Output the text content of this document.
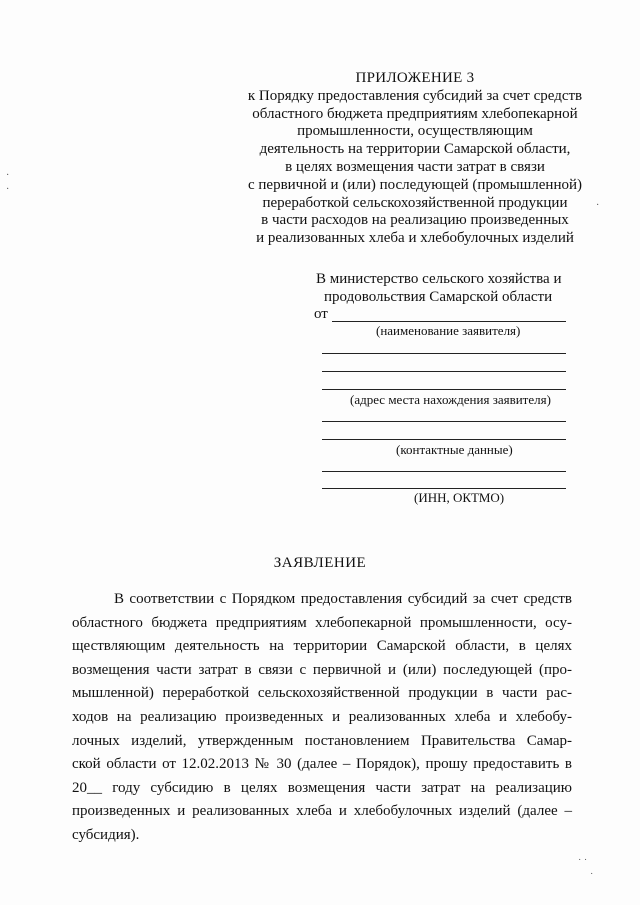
ПРИЛОЖЕНИЕ 3
к Порядку предоставления субсидий за счет средств
областного бюджета предприятиям хлебопекарной
промышленности, осуществляющим
деятельность на территории Самарской области,
в целях возмещения части затрат в связи
с первичной и (или) последующей (промышленной)
переработкой сельскохозяйственной продукции
в части расходов на реализацию произведенных
и реализованных хлеба и хлебобулочных изделий
В министерство сельского хозяйства и
продовольствия Самарской области
от
(наименование заявителя)
(адрес места нахождения заявителя)
(контактные данные)
(ИНН, ОКТМО)
ЗАЯВЛЕНИЕ
В соответствии с Порядком предоставления субсидий за счет средств
областного бюджета предприятиям хлебопекарной промышленности, осу-
ществляющим деятельность на территории Самарской области, в целях
возмещения части затрат в связи с первичной и (или) последующей (про-
мышленной) переработкой сельскохозяйственной продукции в части рас-
ходов на реализацию произведенных и реализованных хлеба и хлебобу-
лочных изделий, утвержденным постановлением Правительства Самар-
ской области от 12.02.2013 № 30 (далее – Порядок), прошу предоставить в
20__ году субсидию в целях возмещения части затрат на реализацию
произведенных и реализованных хлеба и хлебобулочных изделий (далее –
субсидия).
·
·
·
˙ ˙
˙
